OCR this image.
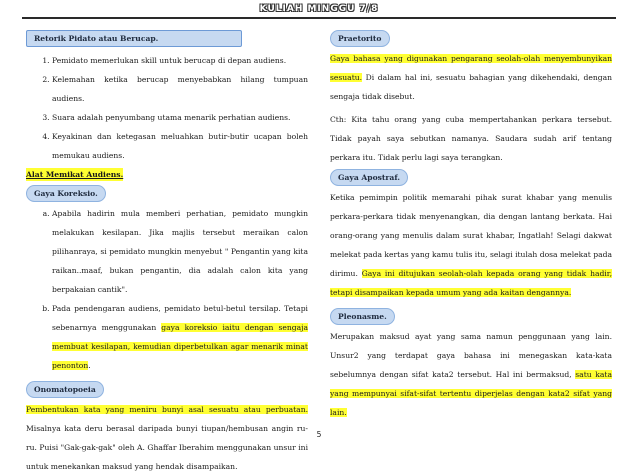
KULIAH MINGGU 7/8
Retorik Pidato atau Berucap.
1. Pemidato memerlukan skill untuk berucap di depan audiens.
2. Kelemahan ketika berucap menyebabkan hilang tumpuan audiens.
3. Suara adalah penyumbang utama menarik perhatian audiens.
4. Keyakinan dan ketegasan meluahkan butir-butir ucapan boleh memukau audiens.
Alat Memikat Audiens.
Gaya Koreksio.
a. Apabila hadirin mula memberi perhatian, pemidato mungkin melakukan kesilapan. Jika majlis tersebut meraikan calon pilihanraya, si pemidato mungkin menyebut " Pengantin yang kita raikan..maaf, bukan pengantin, dia adalah calon kita yang berpakaian cantik".
b. Pada pendengaran audiens, pemidato betul-betul tersilap. Tetapi sebenarnya menggunakan gaya koreksio iaitu dengan sengaja membuat kesilapan, kemudian diperbetulkan agar menarik minat penonton.
Onomatopoeia

Pembentukan kata yang meniru bunyi asal sesuatu atau perbuatan. Misalnya kata deru berasal daripada bunyi tiupan/hembusan angin ru-ru. Puisi "Gak-gak-gak" oleh A. Ghaffar Iberahim menggunakan unsur ini untuk menekankan maksud yang hendak disampaikan.

Praetorito

Gaya bahasa yang digunakan pengarang seolah-olah menyembunyikan sesuatu. Di dalam hal ini, sesuatu bahagian yang dikehendaki, dengan sengaja tidak disebut.

Cth: Kita tahu orang yang cuba mempertahankan perkara tersebut. Tidak payah saya sebutkan namanya. Saudara sudah arif tentang perkara itu. Tidak perlu lagi saya terangkan.

Gaya Apostraf.

Ketika pemimpin politik memarahi pihak surat khabar yang menulis perkara-perkara tidak menyenangkan, dia dengan lantang berkata. Hai orang-orang yang menulis dalam surat khabar, Ingatlah! Selagi dakwat melekat pada kertas yang kamu tulis itu, selagi itulah dosa melekat pada dirimu. Gaya ini ditujukan seolah-olah kepada orang yang tidak hadir, tetapi disampaikan kepada umum yang ada kaitan dengannya.

Pleonasme.

Merupakan maksud ayat yang sama namun penggunaan yang lain. Unsur2 yang terdapat gaya bahasa ini menegaskan kata-kata sebelumnya dengan sifat kata2 tersebut. Hal ini bermaksud, satu kata yang mempunyai sifat-sifat tertentu diperjelas dengan kata2 sifat yang lain.

5
